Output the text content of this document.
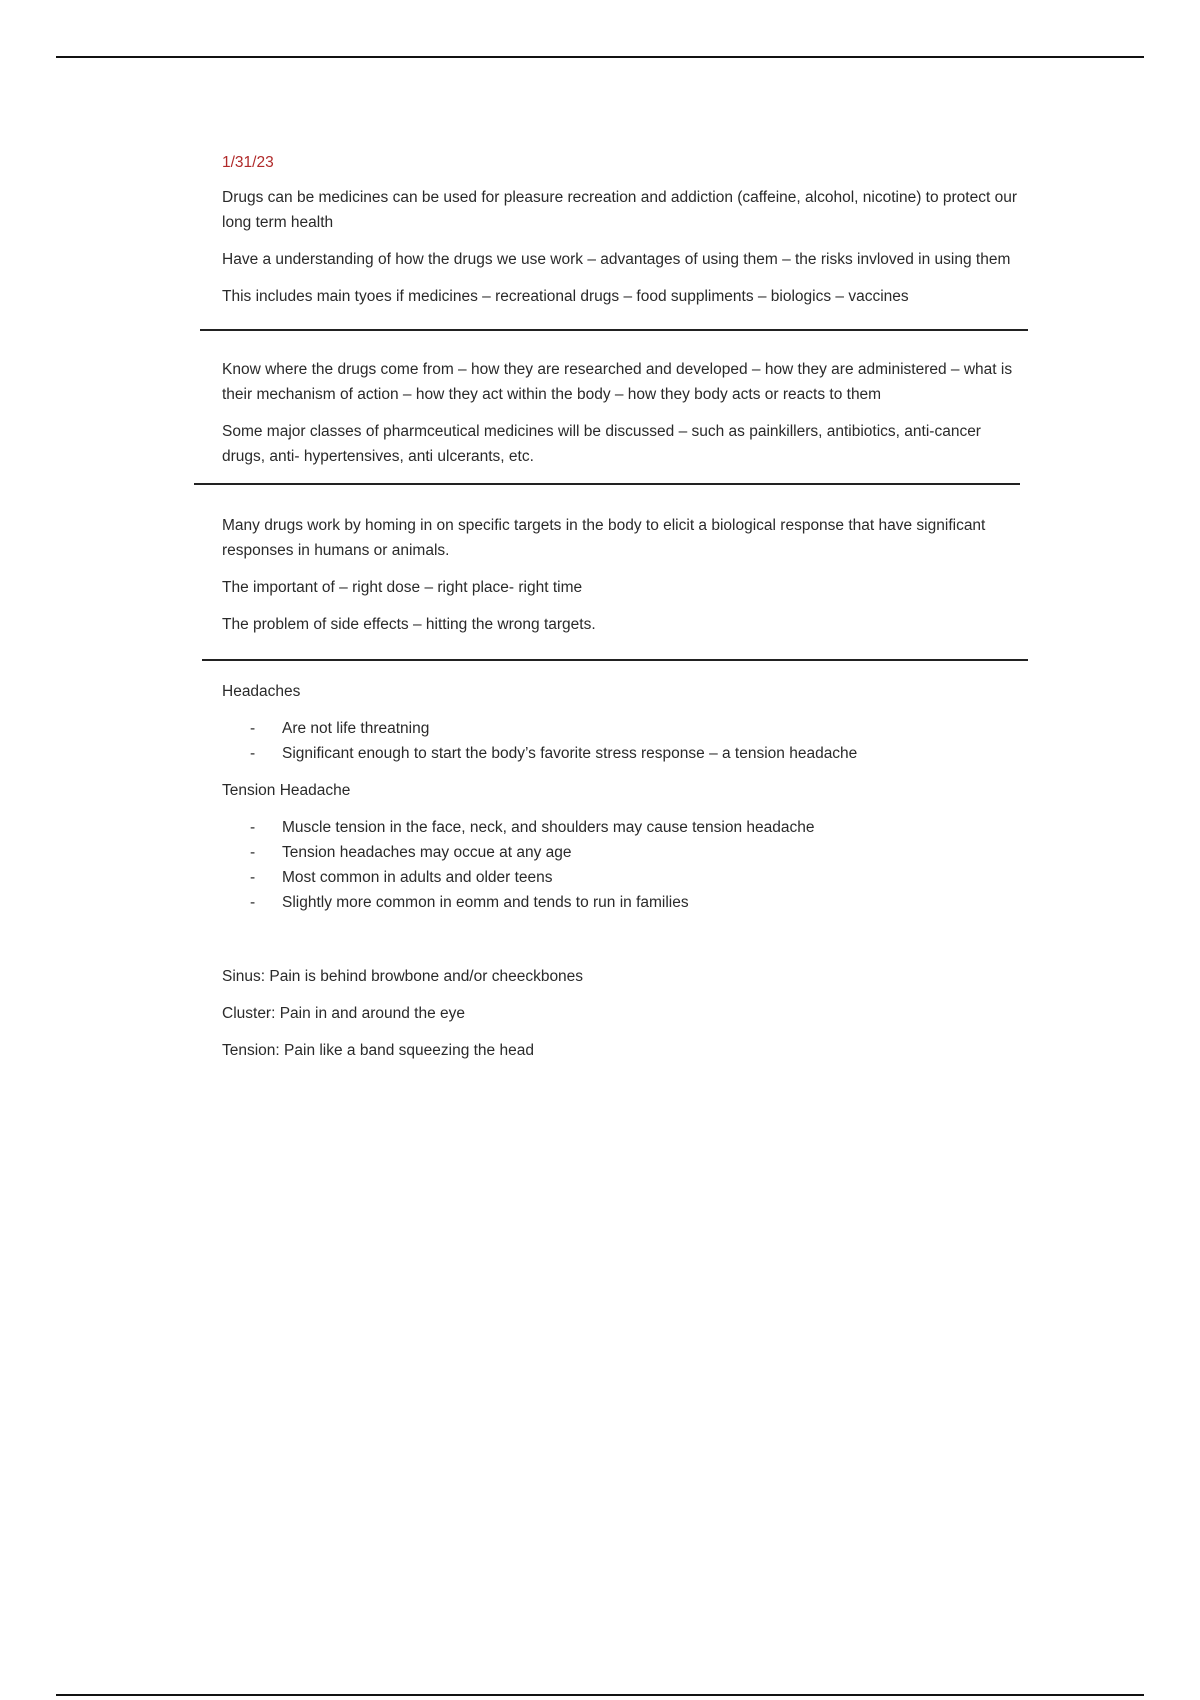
1/31/23

Drugs can be medicines can be used for pleasure recreation and addiction (caffeine, alcohol, nicotine) to protect our long term health

Have a understanding of how the drugs we use work – advantages of using them – the risks invloved in using them

This includes main tyoes if medicines – recreational drugs – food suppliments – biologics – vaccines

Know where the drugs come from – how they are researched and developed – how they are administered – what is their mechanism of action – how they act within the body – how they body acts or reacts to them

Some major classes of pharmceutical medicines will be discussed – such as painkillers, antibiotics, anti-cancer drugs, anti- hypertensives, anti ulcerants, etc.

Many drugs work by homing in on specific targets in the body to elicit a biological response that have significant responses in humans or animals.

The important of – right dose – right place- right time

The problem of side effects – hitting the wrong targets.

Headaches

- Are not life threatning
- Significant enough to start the body’s favorite stress response – a tension headache

Tension Headache

- Muscle tension in the face, neck, and shoulders may cause tension headache
- Tension headaches may occue at any age
- Most common in adults and older teens
- Slightly more common in eomm and tends to run in families

Sinus: Pain is behind browbone and/or cheeckbones

Cluster: Pain in and around the eye

Tension: Pain like a band squeezing the head
